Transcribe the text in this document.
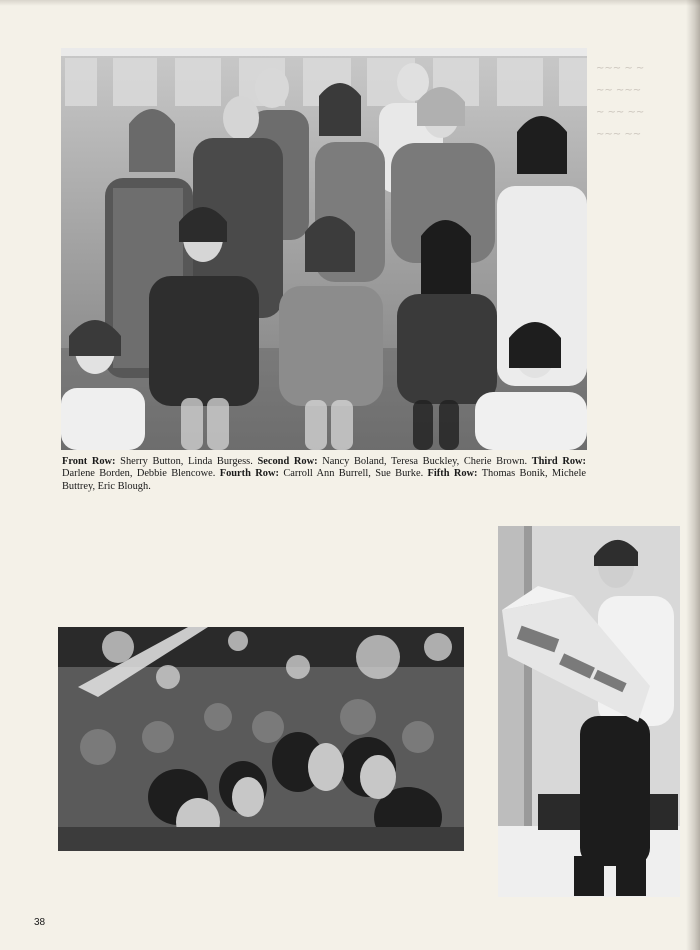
Front Row: Sherry Button, Linda Burgess. Second Row: Nancy Boland, Teresa Buckley, Cherie Brown. Third Row: Darlene Borden, Debbie Blencowe. Fourth Row: Carroll Ann Burrell, Sue Burke. Fifth Row: Thomas Bonik, Michele Buttrey, Eric Blough.
~~~ ~ ~
~~ ~~~
~ ~~ ~~
~~~ ~~
38
